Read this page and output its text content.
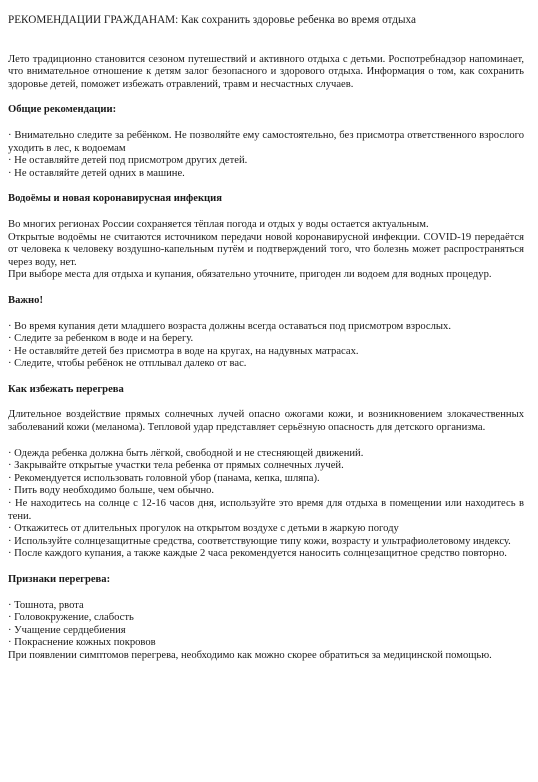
РЕКОМЕНДАЦИИ ГРАЖДАНАМ: Как сохранить здоровье ребенка во время отдыха

Лето традиционно становится сезоном путешествий и активного отдыха с детьми. Роспотребнадзор напоминает, что внимательное отношение к детям залог безопасного и здорового отдыха. Информация о том, как сохранить здоровье детей, поможет избежать отравлений, травм и несчастных случаев.

Общие рекомендации:
· Внимательно следите за ребёнком. Не позволяйте ему самостоятельно, без присмотра ответственного взрослого уходить в лес, к водоемам
· Не оставляйте детей под присмотром других детей.
· Не оставляйте детей одних в машине.
Водоёмы и новая коронавирусная инфекция

Во многих регионах России сохраняется тёплая погода и отдых у воды остается актуальным.

Открытые водоёмы не считаются источником передачи новой коронавирусной инфекции. COVID-19 передаётся от человека к человеку воздушно-капельным путём и подтверждений того, что болезнь может распространяться через воду, нет.

При выборе места для отдыха и купания, обязательно уточните, пригоден ли водоем для водных процедур.

Важно!
· Во время купания дети младшего возраста должны всегда оставаться под присмотром взрослых.
· Следите за ребенком в воде и на берегу.
· Не оставляйте детей без присмотра в воде на кругах, на надувных матрасах.
· Следите, чтобы ребёнок не отплывал далеко от вас.
Как избежать перегрева

Длительное воздействие прямых солнечных лучей опасно ожогами кожи, и возникновением злокачественных заболеваний кожи (меланома). Тепловой удар представляет серьёзную опасность для детского организма.

· Одежда ребенка должна быть лёгкой, свободной и не стесняющей движений.
· Закрывайте открытые участки тела ребенка от прямых солнечных лучей.
· Рекомендуется использовать головной убор (панама, кепка, шляпа).
· Пить воду необходимо больше, чем обычно.
· Не находитесь на солнце с 12-16 часов дня, используйте это время для отдыха в помещении или находитесь в тени.
· Откажитесь от длительных прогулок на открытом воздухе с детьми в жаркую погоду
· Используйте солнцезащитные средства, соответствующие типу кожи, возрасту и ультрафиолетовому индексу.
· После каждого купания, а также каждые 2 часа рекомендуется наносить солнцезащитное средство повторно.
Признаки перегрева:
· Тошнота, рвота
· Головокружение, слабость
· Учащение сердцебиения
· Покраснение кожных покровов

При появлении симптомов перегрева, необходимо как можно скорее обратиться за медицинской помощью.
